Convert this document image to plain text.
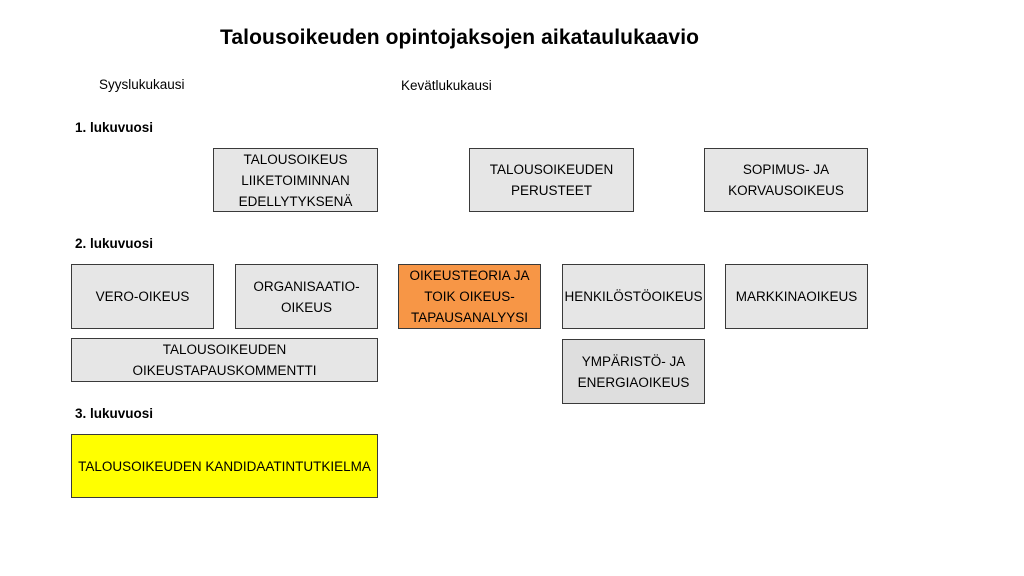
Talousoikeuden opintojaksojen aikataulukaavio
Syyslukukausi	Kevätlukukausi
1. lukuvuosi
2. lukuvuosi
3. lukuvuosi
TALOUSOIKEUS
LIIKETOIMINNAN
EDELLYTYKSENÄ
TALOUSOIKEUDEN
PERUSTEET
SOPIMUS- JA
KORVAUSOIKEUS
VERO-OIKEUS
ORGANISAATIO-
OIKEUS
OIKEUSTEORIA JA
TOIK OIKEUS-
TAPAUSANALYYSI
HENKILÖSTÖOIKEUS MARKKINAOIKEUS
TALOUSOIKEUDEN
OIKEUSTAPAUSKOMMENTTI
YMPÄRISTÖ- JA
ENERGIAOIKEUS
TALOUSOIKEUDEN KANDIDAATINTUTKIELMA
